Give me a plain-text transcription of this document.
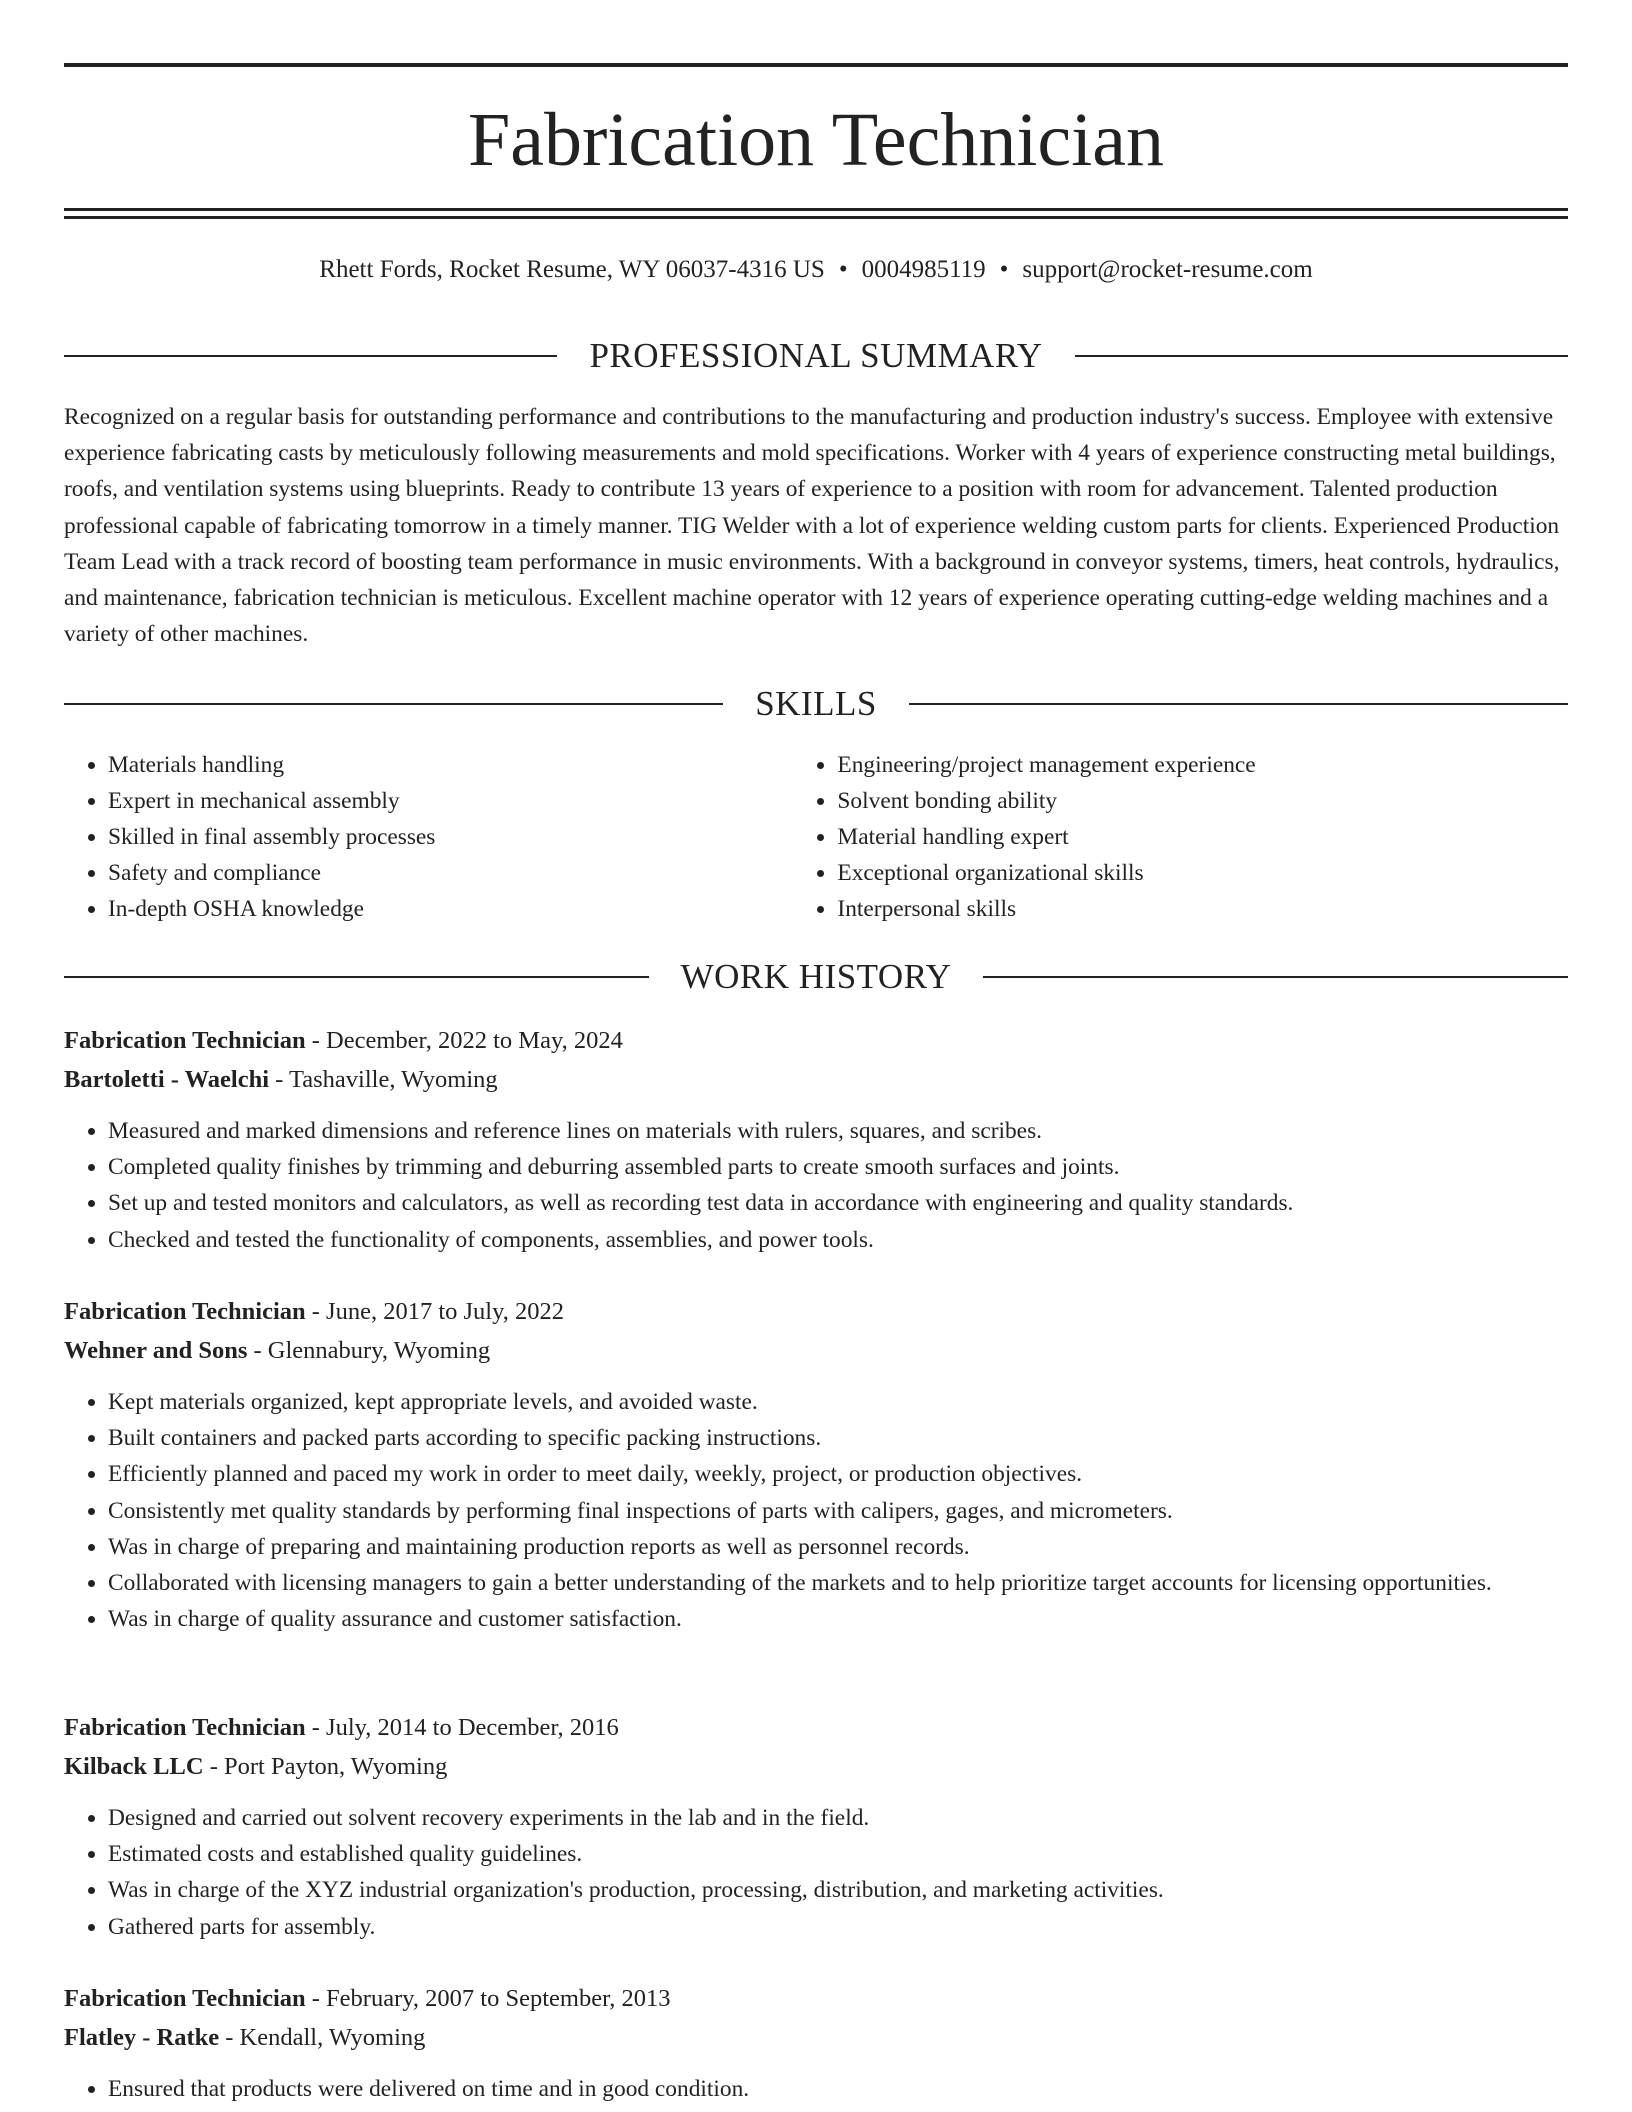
Fabrication Technician
Rhett Fords, Rocket Resume, WY 06037-4316 US • 0004985119 • support@rocket-resume.com
PROFESSIONAL SUMMARY

Recognized on a regular basis for outstanding performance and contributions to the manufacturing and production industry's success. Employee with extensive experience fabricating casts by meticulously following measurements and mold specifications. Worker with 4 years of experience constructing metal buildings, roofs, and ventilation systems using blueprints. Ready to contribute 13 years of experience to a position with room for advancement. Talented production professional capable of fabricating tomorrow in a timely manner. TIG Welder with a lot of experience welding custom parts for clients. Experienced Production Team Lead with a track record of boosting team performance in music environments. With a background in conveyor systems, timers, heat controls, hydraulics, and maintenance, fabrication technician is meticulous. Excellent machine operator with 12 years of experience operating cutting-edge welding machines and a variety of other machines.

SKILLS
• Materials handling
• Expert in mechanical assembly
• Skilled in final assembly processes
• Safety and compliance
• In-depth OSHA knowledge
• Engineering/project management experience
• Solvent bonding ability
• Material handling expert
• Exceptional organizational skills
• Interpersonal skills
WORK HISTORY
Fabrication Technician - December, 2022 to May, 2024
Bartoletti - Waelchi - Tashaville, Wyoming
• Measured and marked dimensions and reference lines on materials with rulers, squares, and scribes.
• Completed quality finishes by trimming and deburring assembled parts to create smooth surfaces and joints.
• Set up and tested monitors and calculators, as well as recording test data in accordance with engineering and quality standards.
• Checked and tested the functionality of components, assemblies, and power tools.
Fabrication Technician - June, 2017 to July, 2022
Wehner and Sons - Glennabury, Wyoming
• Kept materials organized, kept appropriate levels, and avoided waste.
• Built containers and packed parts according to specific packing instructions.
• Efficiently planned and paced my work in order to meet daily, weekly, project, or production objectives.
• Consistently met quality standards by performing final inspections of parts with calipers, gages, and micrometers.
• Was in charge of preparing and maintaining production reports as well as personnel records.
• Collaborated with licensing managers to gain a better understanding of the markets and to help prioritize target accounts for licensing opportunities.
• Was in charge of quality assurance and customer satisfaction.
Fabrication Technician - July, 2014 to December, 2016
Kilback LLC - Port Payton, Wyoming
• Designed and carried out solvent recovery experiments in the lab and in the field.
• Estimated costs and established quality guidelines.
• Was in charge of the XYZ industrial organization's production, processing, distribution, and marketing activities.
• Gathered parts for assembly.
Fabrication Technician - February, 2007 to September, 2013
Flatley - Ratke - Kendall, Wyoming
• Ensured that products were delivered on time and in good condition.
